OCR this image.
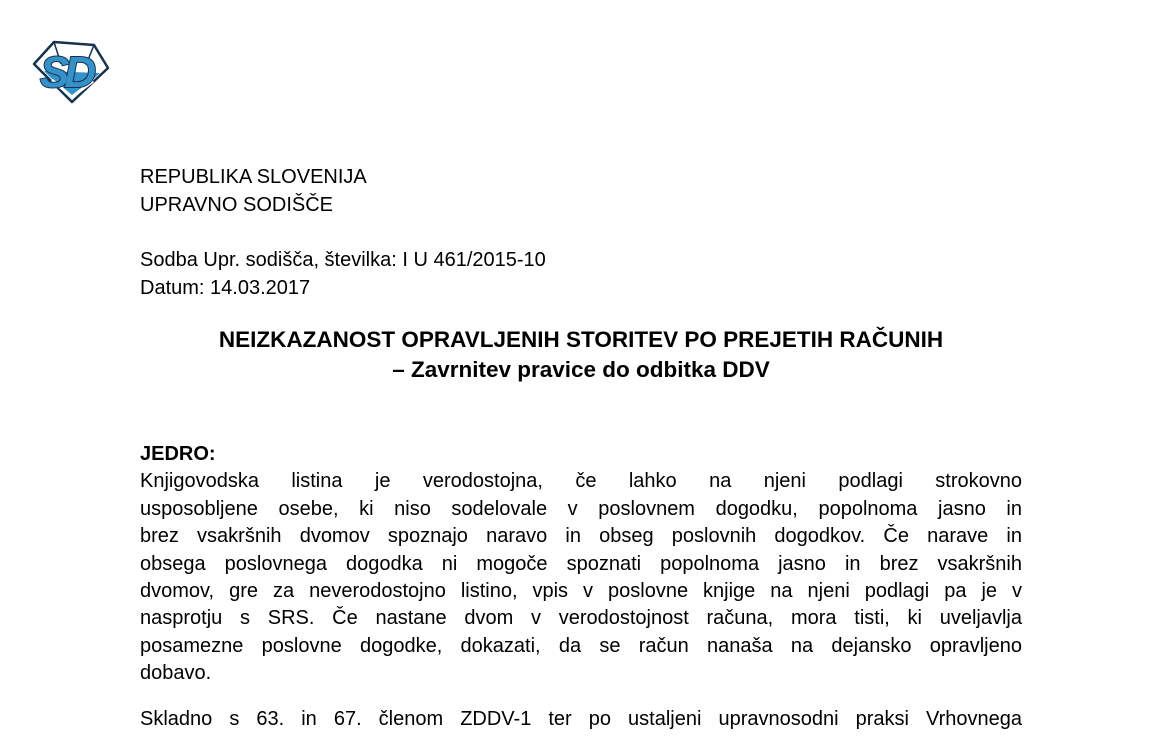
SD
REPUBLIKA SLOVENIJA
UPRAVNO SODIŠČE
Sodba Upr. sodišča, številka: I U 461/2015-10
Datum: 14.03.2017
NEIZKAZANOST OPRAVLJENIH STORITEV PO PREJETIH RAČUNIH
– Zavrnitev pravice do odbitka DDV
JEDRO:
Knjigovodska listina je verodostojna, če lahko na njeni podlagi strokovno
usposobljene osebe, ki niso sodelovale v poslovnem dogodku, popolnoma jasno in
brez vsakršnih dvomov spoznajo naravo in obseg poslovnih dogodkov. Če narave in
obsega poslovnega dogodka ni mogoče spoznati popolnoma jasno in brez vsakršnih
dvomov, gre za neverodostojno listino, vpis v poslovne knjige na njeni podlagi pa je v
nasprotju s SRS. Če nastane dvom v verodostojnost računa, mora tisti, ki uveljavlja
posamezne poslovne dogodke, dokazati, da se račun nanaša na dejansko opravljeno
dobavo.
Skladno s 63. in 67. členom ZDDV-1 ter po ustaljeni upravnosodni praksi Vrhovnega
